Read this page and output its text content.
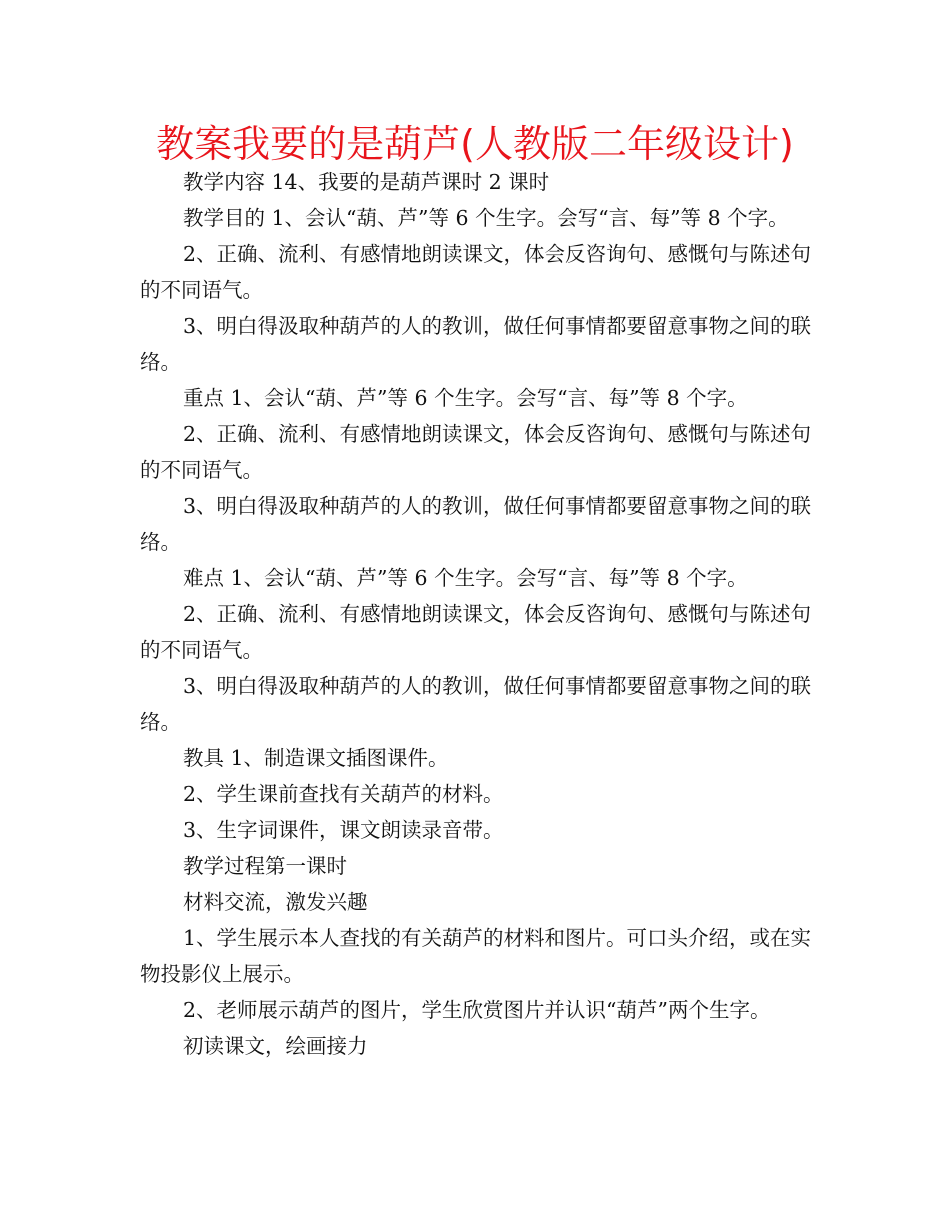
教案我要的是葫芦(人教版二年级设计)

教学内容 14、我要的是葫芦课时 2 课时

教学目的 1、会认“葫、芦”等 6 个生字。会写“言、每”等 8 个字。

2、正确、流利、有感情地朗读课文，体会反咨询句、感慨句与陈述句的不同语气。

3、明白得汲取种葫芦的人的教训，做任何事情都要留意事物之间的联络。

重点 1、会认“葫、芦”等 6 个生字。会写“言、每”等 8 个字。

2、正确、流利、有感情地朗读课文，体会反咨询句、感慨句与陈述句的不同语气。

3、明白得汲取种葫芦的人的教训，做任何事情都要留意事物之间的联络。

难点 1、会认“葫、芦”等 6 个生字。会写“言、每”等 8 个字。

2、正确、流利、有感情地朗读课文，体会反咨询句、感慨句与陈述句的不同语气。

3、明白得汲取种葫芦的人的教训，做任何事情都要留意事物之间的联络。

教具 1、制造课文插图课件。

2、学生课前查找有关葫芦的材料。

3、生字词课件，课文朗读录音带。

教学过程第一课时

材料交流，激发兴趣

1、学生展示本人查找的有关葫芦的材料和图片。可口头介绍，或在实物投影仪上展示。

2、老师展示葫芦的图片，学生欣赏图片并认识“葫芦”两个生字。

初读课文，绘画接力
